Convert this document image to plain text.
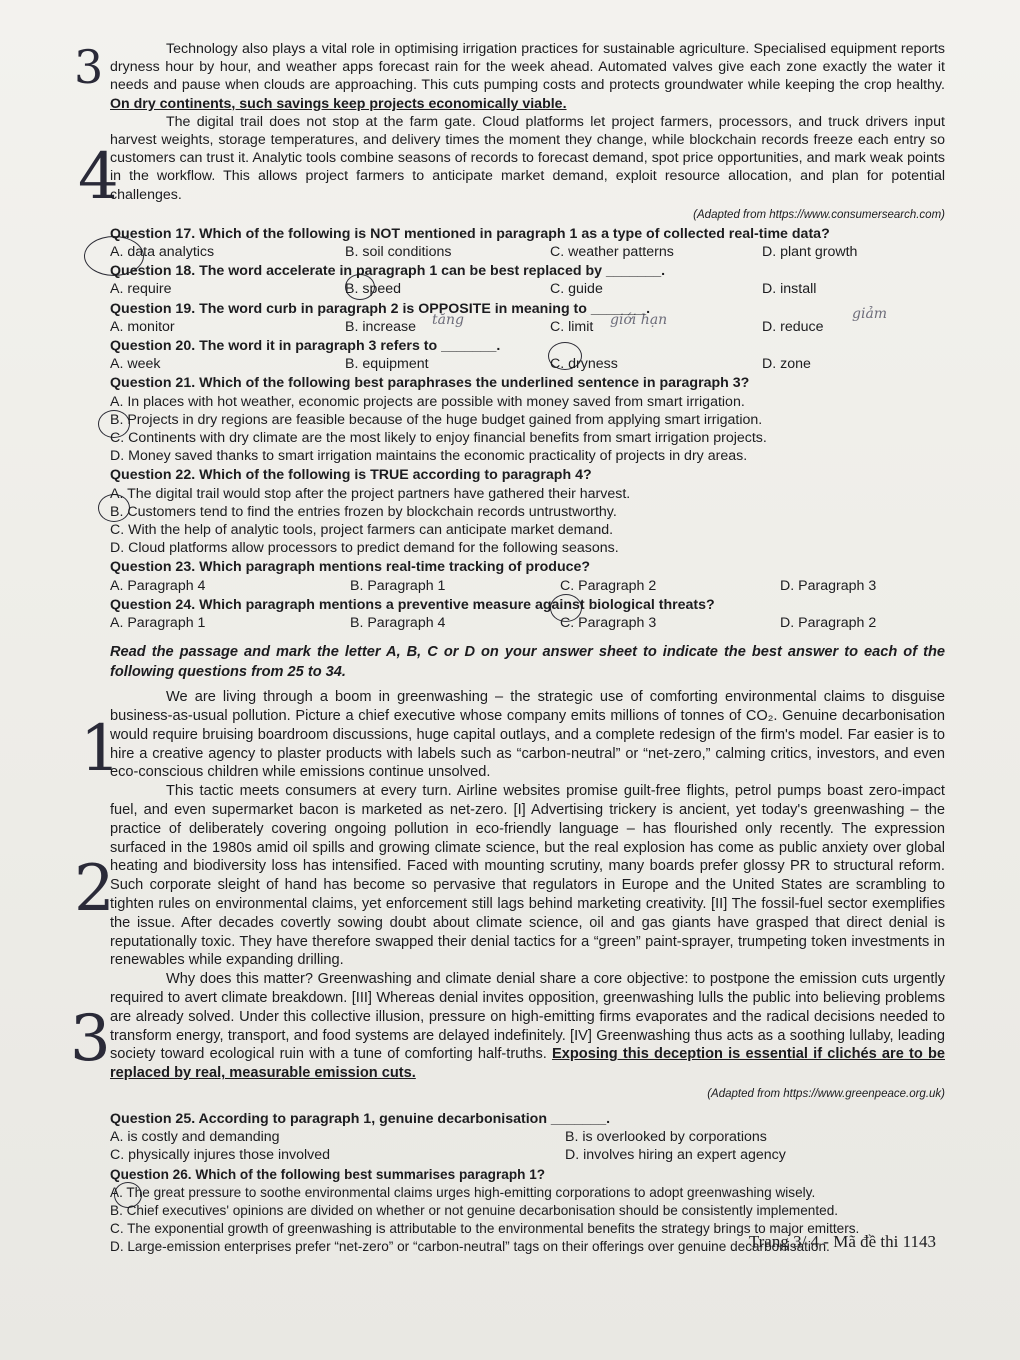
3
4
1
2
3
tăng	giới hạn	giảm

Technology also plays a vital role in optimising irrigation practices for sustainable agriculture. Specialised equipment reports dryness hour by hour, and weather apps forecast rain for the week ahead. Automated valves give each zone exactly the water it needs and pause when clouds are approaching. This cuts pumping costs and protects groundwater while keeping the crop healthy. On dry continents, such savings keep projects economically viable.

The digital trail does not stop at the farm gate. Cloud platforms let project farmers, processors, and truck drivers input harvest weights, storage temperatures, and delivery times the moment they change, while blockchain records freeze each entry so customers can trust it. Analytic tools combine seasons of records to forecast demand, spot price opportunities, and mark weak points in the workflow. This allows project farmers to anticipate market demand, exploit resource allocation, and plan for potential challenges.

(Adapted from https://www.consumersearch.com)
Question 17. Which of the following is NOT mentioned in paragraph 1 as a type of collected real-time data?
A. data analytics	B. soil conditions	C. weather patterns	D. plant growth
Question 18. The word accelerate in paragraph 1 can be best replaced by _______.
A. require	B. speed	C. guide	D. install
Question 19. The word curb in paragraph 2 is OPPOSITE in meaning to _______.
A. monitor	B. increase	C. limit	D. reduce
Question 20. The word it in paragraph 3 refers to _______.
A. week	B. equipment	C. dryness	D. zone
Question 21. Which of the following best paraphrases the underlined sentence in paragraph 3?
A. In places with hot weather, economic projects are possible with money saved from smart irrigation.
B. Projects in dry regions are feasible because of the huge budget gained from applying smart irrigation.
C. Continents with dry climate are the most likely to enjoy financial benefits from smart irrigation projects.
D. Money saved thanks to smart irrigation maintains the economic practicality of projects in dry areas.
Question 22. Which of the following is TRUE according to paragraph 4?
A. The digital trail would stop after the project partners have gathered their harvest.
B. Customers tend to find the entries frozen by blockchain records untrustworthy.
C. With the help of analytic tools, project farmers can anticipate market demand.
D. Cloud platforms allow processors to predict demand for the following seasons.
Question 23. Which paragraph mentions real-time tracking of produce?
A. Paragraph 4	B. Paragraph 1	C. Paragraph 2	D. Paragraph 3
Question 24. Which paragraph mentions a preventive measure against biological threats?
A. Paragraph 1	B. Paragraph 4	C. Paragraph 3	D. Paragraph 2

Read the passage and mark the letter A, B, C or D on your answer sheet to indicate the best answer to each of the following questions from 25 to 34.

We are living through a boom in greenwashing – the strategic use of comforting environmental claims to disguise business-as-usual pollution. Picture a chief executive whose company emits millions of tonnes of CO₂. Genuine decarbonisation would require bruising boardroom discussions, huge capital outlays, and a complete redesign of the firm's model. Far easier is to hire a creative agency to plaster products with labels such as “carbon-neutral” or “net-zero,” calming critics, investors, and even eco-conscious children while emissions continue unsolved.

This tactic meets consumers at every turn. Airline websites promise guilt-free flights, petrol pumps boast zero-impact fuel, and even supermarket bacon is marketed as net-zero. [I] Advertising trickery is ancient, yet today's greenwashing – the practice of deliberately covering ongoing pollution in eco-friendly language – has flourished only recently. The expression surfaced in the 1980s amid oil spills and growing climate science, but the real explosion has come as public anxiety over global heating and biodiversity loss has intensified. Faced with mounting scrutiny, many boards prefer glossy PR to structural reform. Such corporate sleight of hand has become so pervasive that regulators in Europe and the United States are scrambling to tighten rules on environmental claims, yet enforcement still lags behind marketing creativity. [II] The fossil-fuel sector exemplifies the issue. After decades covertly sowing doubt about climate science, oil and gas giants have grasped that direct denial is reputationally toxic. They have therefore swapped their denial tactics for a “green” paint-sprayer, trumpeting token investments in renewables while expanding drilling.

Why does this matter? Greenwashing and climate denial share a core objective: to postpone the emission cuts urgently required to avert climate breakdown. [III] Whereas denial invites opposition, greenwashing lulls the public into believing problems are already solved. Under this collective illusion, pressure on high-emitting firms evaporates and the radical decisions needed to transform energy, transport, and food systems are delayed indefinitely. [IV] Greenwashing thus acts as a soothing lullaby, leading society toward ecological ruin with a tune of comforting half-truths. Exposing this deception is essential if clichés are to be replaced by real, measurable emission cuts.

(Adapted from https://www.greenpeace.org.uk)
Question 25. According to paragraph 1, genuine decarbonisation _______.
A. is costly and demanding	B. is overlooked by corporations
C. physically injures those involved	D. involves hiring an expert agency
Question 26. Which of the following best summarises paragraph 1?
A. The great pressure to soothe environmental claims urges high-emitting corporations to adopt greenwashing wisely.
B. Chief executives' opinions are divided on whether or not genuine decarbonisation should be consistently implemented.
C. The exponential growth of greenwashing is attributable to the environmental benefits the strategy brings to major emitters.
D. Large-emission enterprises prefer “net-zero” or “carbon-neutral” tags on their offerings over genuine decarbonisation.
Trang 3/ 4 - Mã đề thi 1143
